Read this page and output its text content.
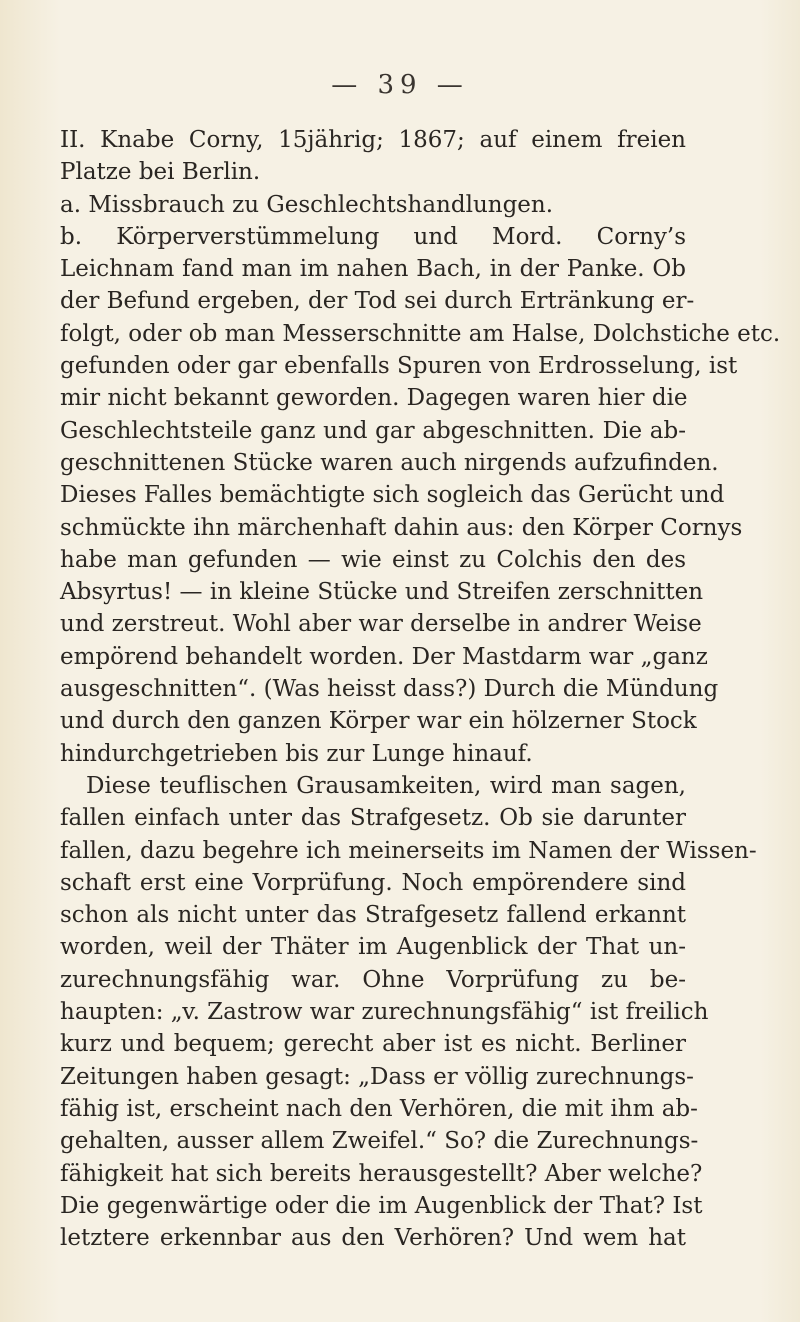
— 39 —
II. Knabe Corny, 15jährig; 1867; auf einem freien
Platze bei Berlin.
a. Missbrauch zu Geschlechtshandlungen.
b. Körperverstümmelung und Mord. Corny’s
Leichnam fand man im nahen Bach, in der Panke. Ob
der Befund ergeben, der Tod sei durch Ertränkung er-
folgt, oder ob man Messerschnitte am Halse, Dolchstiche etc.
gefunden oder gar ebenfalls Spuren von Erdrosselung, ist
mir nicht bekannt geworden. Dagegen waren hier die
Geschlechtsteile ganz und gar abgeschnitten. Die ab-
geschnittenen Stücke waren auch nirgends aufzufinden.
Dieses Falles bemächtigte sich sogleich das Gerücht und
schmückte ihn märchenhaft dahin aus: den Körper Cornys
habe man gefunden — wie einst zu Colchis den des
Absyrtus! — in kleine Stücke und Streifen zerschnitten
und zerstreut. Wohl aber war derselbe in andrer Weise
empörend behandelt worden. Der Mastdarm war „ganz
ausgeschnitten“. (Was heisst dass?) Durch die Mündung
und durch den ganzen Körper war ein hölzerner Stock
hindurchgetrieben bis zur Lunge hinauf.
Diese teuflischen Grausamkeiten, wird man sagen,
fallen einfach unter das Strafgesetz. Ob sie darunter
fallen, dazu begehre ich meinerseits im Namen der Wissen-
schaft erst eine Vorprüfung. Noch empörendere sind
schon als nicht unter das Strafgesetz fallend erkannt
worden, weil der Thäter im Augenblick der That un-
zurechnungsfähig war. Ohne Vorprüfung zu be-
haupten: „v. Zastrow war zurechnungsfähig“ ist freilich
kurz und bequem; gerecht aber ist es nicht. Berliner
Zeitungen haben gesagt: „Dass er völlig zurechnungs-
fähig ist, erscheint nach den Verhören, die mit ihm ab-
gehalten, ausser allem Zweifel.“ So? die Zurechnungs-
fähigkeit hat sich bereits herausgestellt? Aber welche?
Die gegenwärtige oder die im Augenblick der That? Ist
letztere erkennbar aus den Verhören? Und wem hat
